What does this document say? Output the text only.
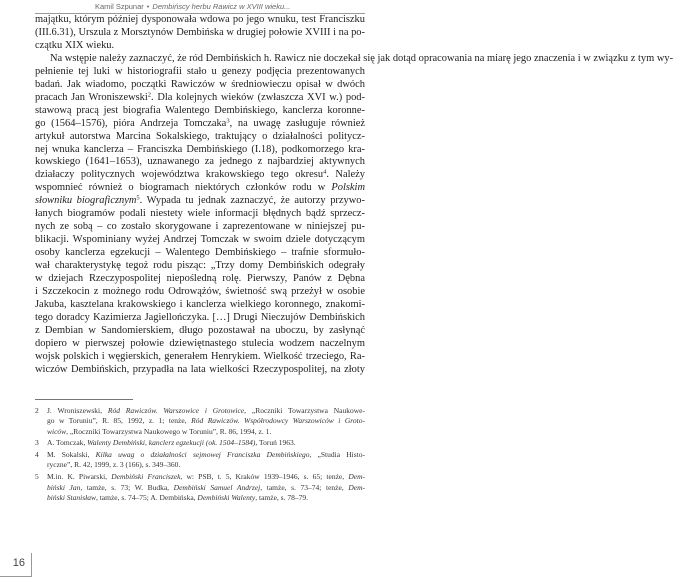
Kamil Szpunar • Dembińscy herbu Rawicz w XVIII wieku...
majątku, którym później dysponowała wdowa po jego wnuku, test Franciszku
(III.6.31), Urszula z Morsztynów Dembińska w drugiej połowie XVIII i na po-
czątku XIX wieku.
Na wstępie należy zaznaczyć, że ród Dembińskich h. Rawicz nie doczekał się jak dotąd opracowania na miarę jego znaczenia i w związku z tym wy-
pełnienie tej luki w historiografii stało u genezy podjęcia prezentowanych
badań. Jak wiadomo, początki Rawiczów w średniowieczu opisał w dwóch
pracach Jan Wroniszewski$^2$. Dla kolejnych wieków (zwłaszcza XVI w.) pod-
stawową pracą jest biografia Walentego Dembińskiego, kanclerza koronne-
go (1564–1576), pióra Andrzeja Tomczaka$^3$, na uwagę zasługuje również
artykuł autorstwa Marcina Sokalskiego, traktujący o działalności politycz-
nej wnuka kanclerza – Franciszka Dembińskiego (I.18), podkomorzego kra-
kowskiego (1641–1653), uznawanego za jednego z najbardziej aktywnych
działaczy politycznych województwa krakowskiego tego okresu$^4$. Należy
wspomnieć również o biogramach niektórych członków rodu w Polskim
słowniku biograficznym$^5$. Wypada tu jednak zaznaczyć, że autorzy przywo-
łanych biogramów podali niestety wiele informacji błędnych bądź sprzecz-
nych ze sobą – co zostało skorygowane i zaprezentowane w niniejszej pu-
blikacji. Wspominiany wyżej Andrzej Tomczak w swoim dziele dotyczącym
osoby kanclerza egzekucji – Walentego Dembińskiego – trafnie sformuło-
wał charakterystykę tegoż rodu pisząc: „Trzy domy Dembińskich odegrały
w dziejach Rzeczypospolitej niepośledną rolę. Pierwszy, Panów z Dębna
i Szczekocin z możnego rodu Odrowążów, świetność swą przeżył w osobie
Jakuba, kasztelana krakowskiego i kanclerza wielkiego koronnego, znakomi-
tego doradcy Kazimierza Jagiellończyka. […] Drugi Nieczujów Dembińskich
z Dembian w Sandomierskiem, długo pozostawał na uboczu, by zasłynąć
dopiero w pierwszej połowie dziewiętnastego stulecia wodzem naczelnym
wojsk polskich i węgierskich, generałem Henrykiem. Wielkość trzeciego, Ra-
wiczów Dembińskich, przypadła na lata wielkości Rzeczypospolitej, na złoty
2 J. Wroniszewski, Ród Rawiczów. Warszowice i Grotowice, „Roczniki Towarzystwa Naukowe-
go w Toruniu”, R. 85, 1992, z. 1; tenże, Ród Rawiczów. Współrodowcy Warszowiców i Groto-
wiców, „Roczniki Towarzystwa Naukowego w Toruniu”, R. 86, 1994, z. 1.
3 A. Tomczak, Walenty Dembiński, kanclerz egzekucji (ok. 1504–1584), Toruń 1963.
4 M. Sokalski, Kilka uwag o działalności sejmowej Franciszka Dembińskiego, „Studia Histo-
ryczne”, R. 42, 1999, z. 3 (166), s. 349–360.
5 M.in. K. Piwarski, Dembiński Franciszek, w: PSB, t. 5, Kraków 1939–1946, s. 65; tenże, Dem-
biński Jan, tamże, s. 73; W. Budka, Dembiński Samuel Andrzej, tamże, s. 73–74; tenże, Dem-
biński Stanisław, tamże, s. 74–75; A. Dembińska, Dembiński Walenty, tamże, s. 78–79.
16
